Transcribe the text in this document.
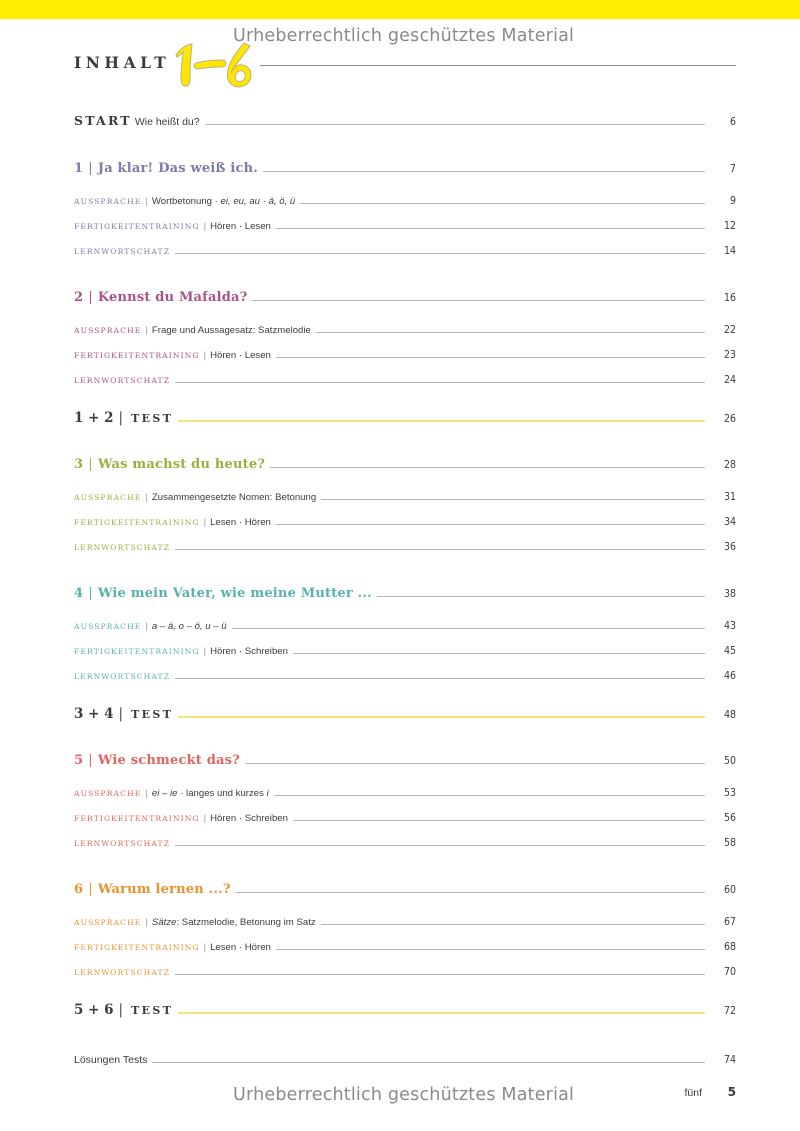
Urheberrechtlich geschütztes Material
Urheberrechtlich geschütztes Material
INHALT
START Wie heißt du?	6
1 | Ja klar! Das weiß ich.	7
AUSSPRACHE | Wortbetonung · ei, eu, au · ä, ö, ü	9
FERTIGKEITENTRAINING | Hören · Lesen	12
LERNWORTSCHATZ	14
2 | Kennst du Mafalda?	16
AUSSPRACHE | Frage und Aussagesatz: Satzmelodie	22
FERTIGKEITENTRAINING | Hören · Lesen	23
LERNWORTSCHATZ	24
1 + 2 | TEST	26
3 | Was machst du heute?	28
AUSSPRACHE | Zusammengesetzte Nomen: Betonung	31
FERTIGKEITENTRAINING | Lesen · Hören	34
LERNWORTSCHATZ	36
4 | Wie mein Vater, wie meine Mutter ...	38
AUSSPRACHE | a – ä, o – ö, u – ü	43
FERTIGKEITENTRAINING | Hören · Schreiben	45
LERNWORTSCHATZ	46
3 + 4 | TEST	48
5 | Wie schmeckt das?	50
AUSSPRACHE | ei – ie · langes und kurzes i	53
FERTIGKEITENTRAINING | Hören · Schreiben	56
LERNWORTSCHATZ	58
6 | Warum lernen ...?	60
AUSSPRACHE | Sätze: Satzmelodie, Betonung im Satz	67
FERTIGKEITENTRAINING | Lesen · Hören	68
LERNWORTSCHATZ	70
5 + 6 | TEST	72
Lösungen Tests	74
fünf 5
